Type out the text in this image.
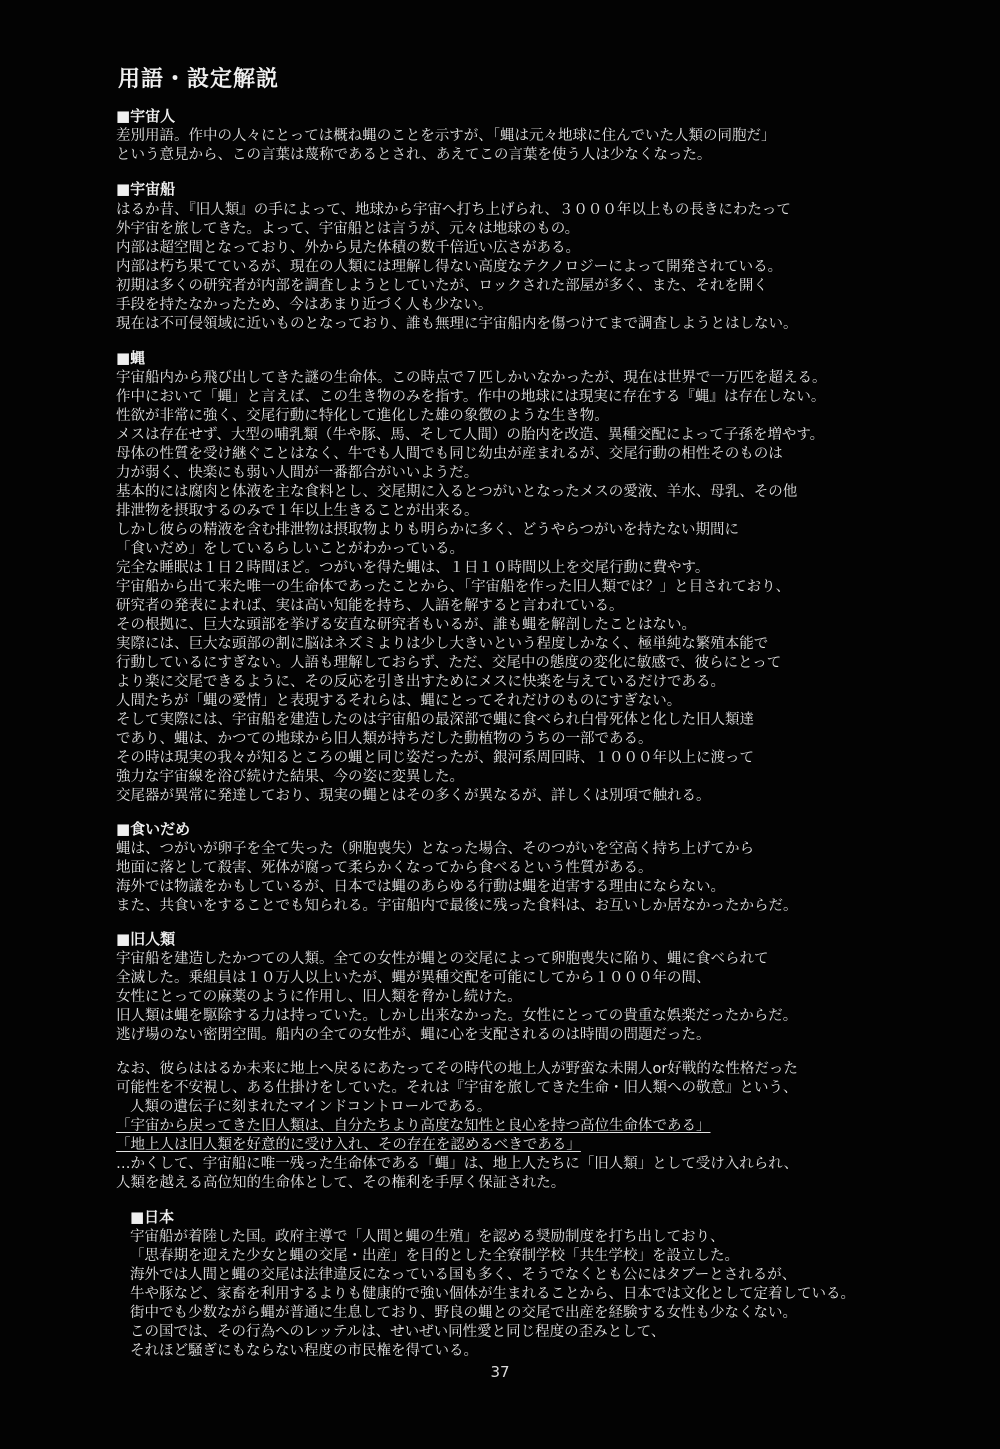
用語・設定解説
■宇宙人
差別用語。作中の人々にとっては概ね蝿のことを示すが、「蝿は元々地球に住んでいた人類の同胞だ」
という意見から、この言葉は蔑称であるとされ、あえてこの言葉を使う人は少なくなった。
■宇宙船
はるか昔、『旧人類』の手によって、地球から宇宙へ打ち上げられ、３０００年以上もの長きにわたって
外宇宙を旅してきた。よって、宇宙船とは言うが、元々は地球のもの。
内部は超空間となっており、外から見た体積の数千倍近い広さがある。
内部は朽ち果てているが、現在の人類には理解し得ない高度なテクノロジーによって開発されている。
初期は多くの研究者が内部を調査しようとしていたが、ロックされた部屋が多く、また、それを開く
手段を持たなかったため、今はあまり近づく人も少ない。
現在は不可侵領域に近いものとなっており、誰も無理に宇宙船内を傷つけてまで調査しようとはしない。
■蝿
宇宙船内から飛び出してきた謎の生命体。この時点で７匹しかいなかったが、現在は世界で一万匹を超える。
作中において「蝿」と言えば、この生き物のみを指す。作中の地球には現実に存在する『蝿』は存在しない。
性欲が非常に強く、交尾行動に特化して進化した雄の象徴のような生き物。
メスは存在せず、大型の哺乳類（牛や豚、馬、そして人間）の胎内を改造、異種交配によって子孫を増やす。
母体の性質を受け継ぐことはなく、牛でも人間でも同じ幼虫が産まれるが、交尾行動の相性そのものは
力が弱く、快楽にも弱い人間が一番都合がいいようだ。
基本的には腐肉と体液を主な食料とし、交尾期に入るとつがいとなったメスの愛液、羊水、母乳、その他
排泄物を摂取するのみで１年以上生きることが出来る。
しかし彼らの精液を含む排泄物は摂取物よりも明らかに多く、どうやらつがいを持たない期間に
「食いだめ」をしているらしいことがわかっている。
完全な睡眠は１日２時間ほど。つがいを得た蝿は、１日１０時間以上を交尾行動に費やす。
宇宙船から出て来た唯一の生命体であったことから、「宇宙船を作った旧人類では？」と目されており、
研究者の発表によれば、実は高い知能を持ち、人語を解すると言われている。
その根拠に、巨大な頭部を挙げる安直な研究者もいるが、誰も蝿を解剖したことはない。
実際には、巨大な頭部の割に脳はネズミよりは少し大きいという程度しかなく、極単純な繁殖本能で
行動しているにすぎない。人語も理解しておらず、ただ、交尾中の態度の変化に敏感で、彼らにとって
より楽に交尾できるように、その反応を引き出すためにメスに快楽を与えているだけである。
人間たちが「蝿の愛情」と表現するそれらは、蝿にとってそれだけのものにすぎない。
そして実際には、宇宙船を建造したのは宇宙船の最深部で蝿に食べられ白骨死体と化した旧人類達
であり、蝿は、かつての地球から旧人類が持ちだした動植物のうちの一部である。
その時は現実の我々が知るところの蝿と同じ姿だったが、銀河系周回時、１０００年以上に渡って
強力な宇宙線を浴び続けた結果、今の姿に変異した。
交尾器が異常に発達しており、現実の蝿とはその多くが異なるが、詳しくは別項で触れる。
■食いだめ
蝿は、つがいが卵子を全て失った（卵胞喪失）となった場合、そのつがいを空高く持ち上げてから
地面に落として殺害、死体が腐って柔らかくなってから食べるという性質がある。
海外では物議をかもしているが、日本では蝿のあらゆる行動は蝿を迫害する理由にならない。
また、共食いをすることでも知られる。宇宙船内で最後に残った食料は、お互いしか居なかったからだ。
■旧人類
宇宙船を建造したかつての人類。全ての女性が蝿との交尾によって卵胞喪失に陥り、蝿に食べられて
全滅した。乗組員は１０万人以上いたが、蝿が異種交配を可能にしてから１０００年の間、
女性にとっての麻薬のように作用し、旧人類を脅かし続けた。
旧人類は蝿を駆除する力は持っていた。しかし出来なかった。女性にとっての貴重な娯楽だったからだ。
逃げ場のない密閉空間。船内の全ての女性が、蝿に心を支配されるのは時間の問題だった。
なお、彼らははるか未来に地上へ戻るにあたってその時代の地上人が野蛮な未開人or好戦的な性格だった
可能性を不安視し、ある仕掛けをしていた。それは『宇宙を旅してきた生命・旧人類への敬意』という、
人類の遺伝子に刻まれたマインドコントロールである。
「宇宙から戻ってきた旧人類は、自分たちより高度な知性と良心を持つ高位生命体である」
「地上人は旧人類を好意的に受け入れ、その存在を認めるべきである」
…かくして、宇宙船に唯一残った生命体である「蝿」は、地上人たちに「旧人類」として受け入れられ、
人類を越える高位知的生命体として、その権利を手厚く保証された。
■日本
宇宙船が着陸した国。政府主導で「人間と蝿の生殖」を認める奨励制度を打ち出しており、
「思春期を迎えた少女と蝿の交尾・出産」を目的とした全寮制学校「共生学校」を設立した。
海外では人間と蝿の交尾は法律違反になっている国も多く、そうでなくとも公にはタブーとされるが、
牛や豚など、家畜を利用するよりも健康的で強い個体が生まれることから、日本では文化として定着している。
街中でも少数ながら蝿が普通に生息しており、野良の蝿との交尾で出産を経験する女性も少なくない。
この国では、その行為へのレッテルは、せいぜい同性愛と同じ程度の歪みとして、
それほど騒ぎにもならない程度の市民権を得ている。
37
